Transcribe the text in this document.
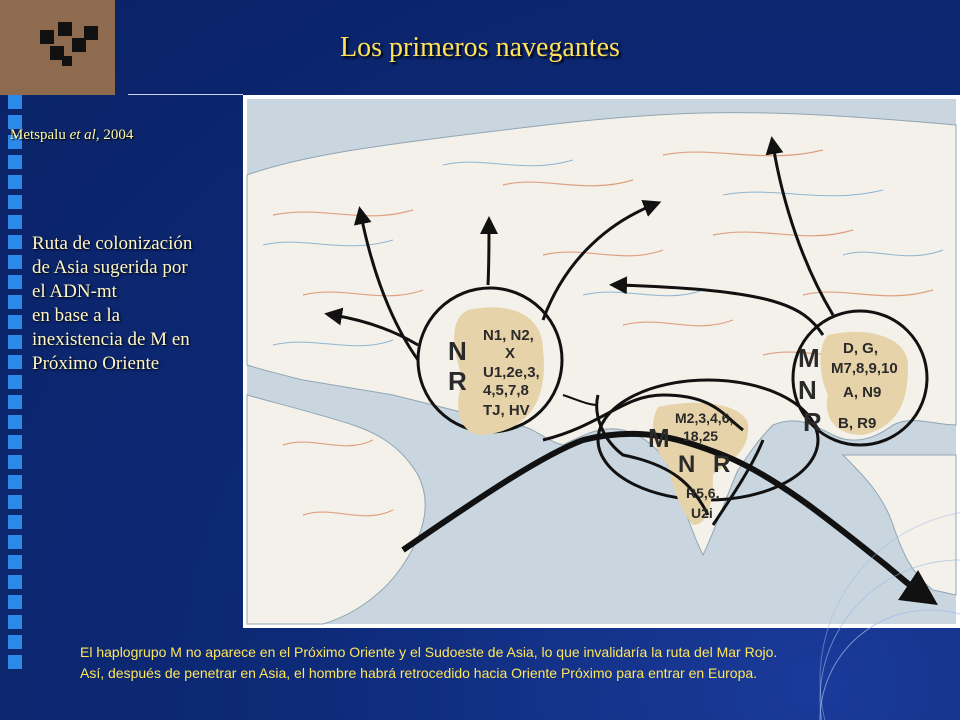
Los primeros navegantes
Metspalu et al, 2004
Ruta de colonización
de Asia sugerida por
el ADN-mt
en base a la
inexistencia de M en
Próximo Oriente	N
R
N1, N2,
X
U1,2e,3,
4,5,7,8
TJ, HV
M
N R
M2,3,4,6,
18,25
R5,6,
U2i
M
N
R
D, G,
M7,8,9,10
A, N9
B, R9
El haplogrupo M no aparece en el Próximo Oriente y el Sudoeste de Asia, lo que invalidaría la ruta del Mar Rojo.
Así, después de penetrar en Asia, el hombre habrá retrocedido hacia Oriente Próximo para entrar en Europa.
